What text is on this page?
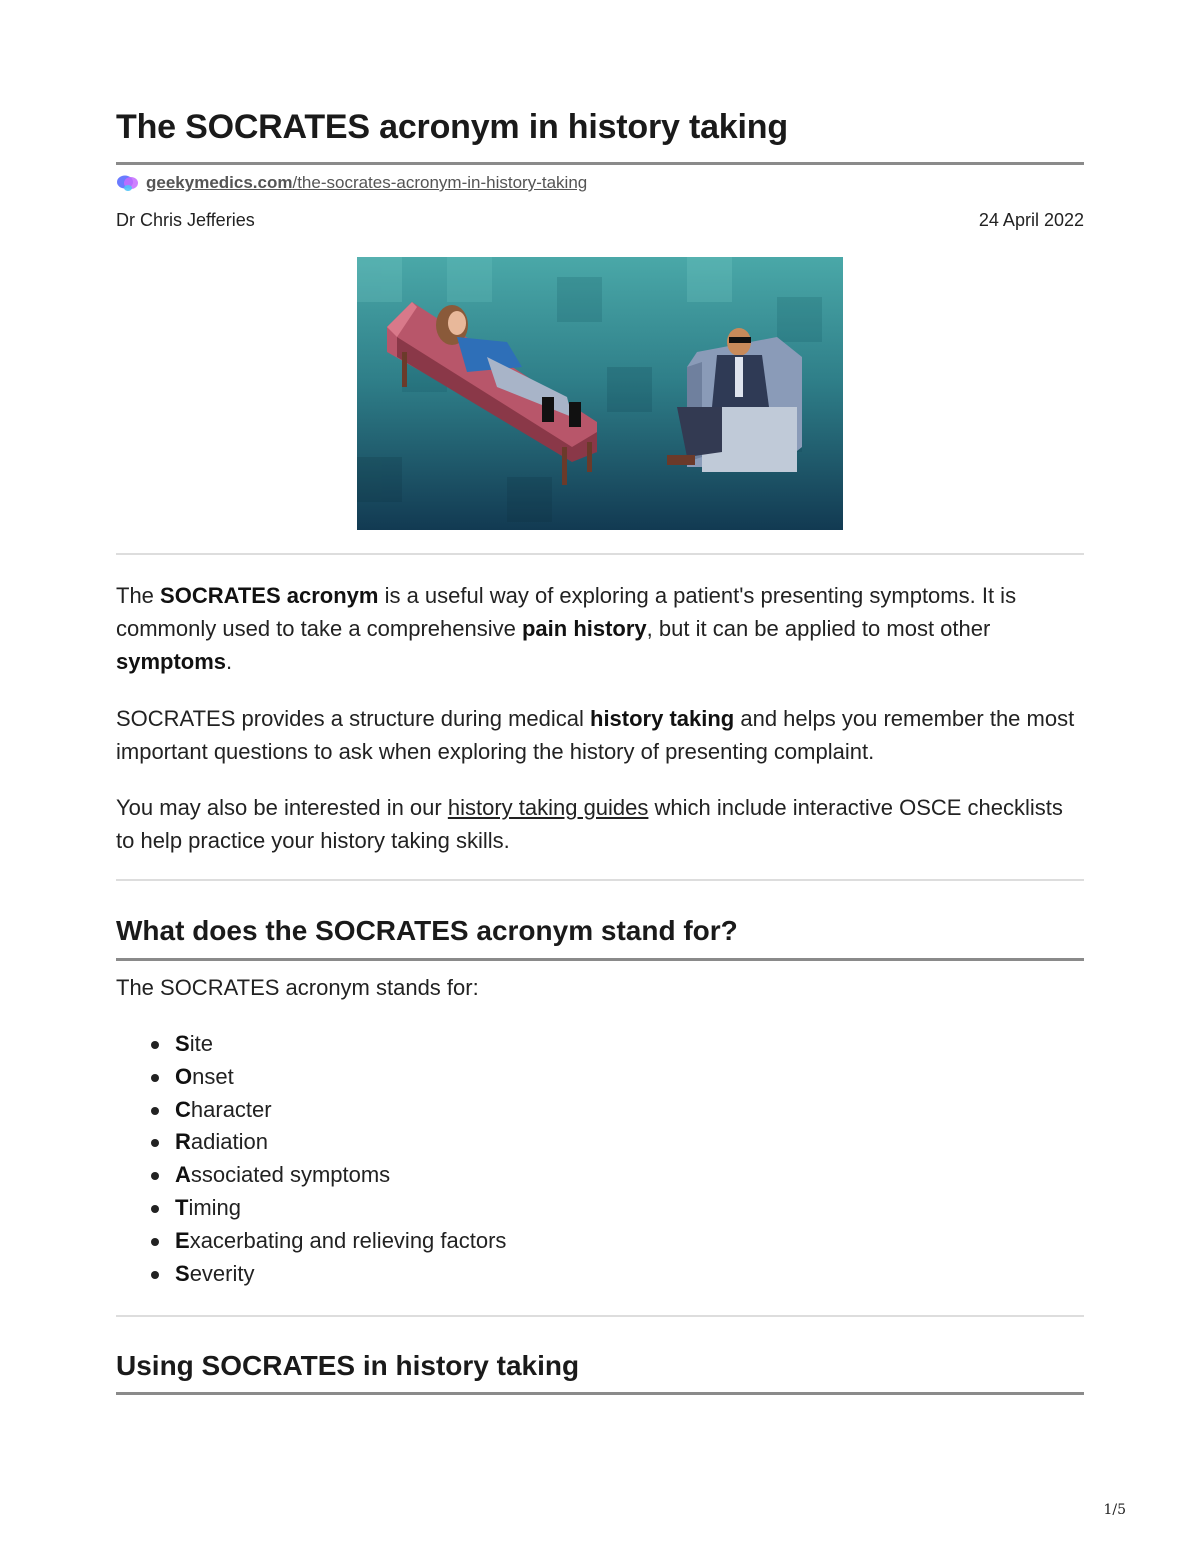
The SOCRATES acronym in history taking
geekymedics.com/the-socrates-acronym-in-history-taking
Dr Chris Jefferies	24 April 2022

The SOCRATES acronym is a useful way of exploring a patient's presenting symptoms. It is commonly used to take a comprehensive pain history, but it can be applied to most other symptoms.

SOCRATES provides a structure during medical history taking and helps you remember the most important questions to ask when exploring the history of presenting complaint.

You may also be interested in our history taking guides which include interactive OSCE checklists to help practice your history taking skills.

What does the SOCRATES acronym stand for?

The SOCRATES acronym stands for:

Site
Onset
Character
Radiation
Associated symptoms
Timing
Exacerbating and relieving factors
Severity
Using SOCRATES in history taking
1/5
